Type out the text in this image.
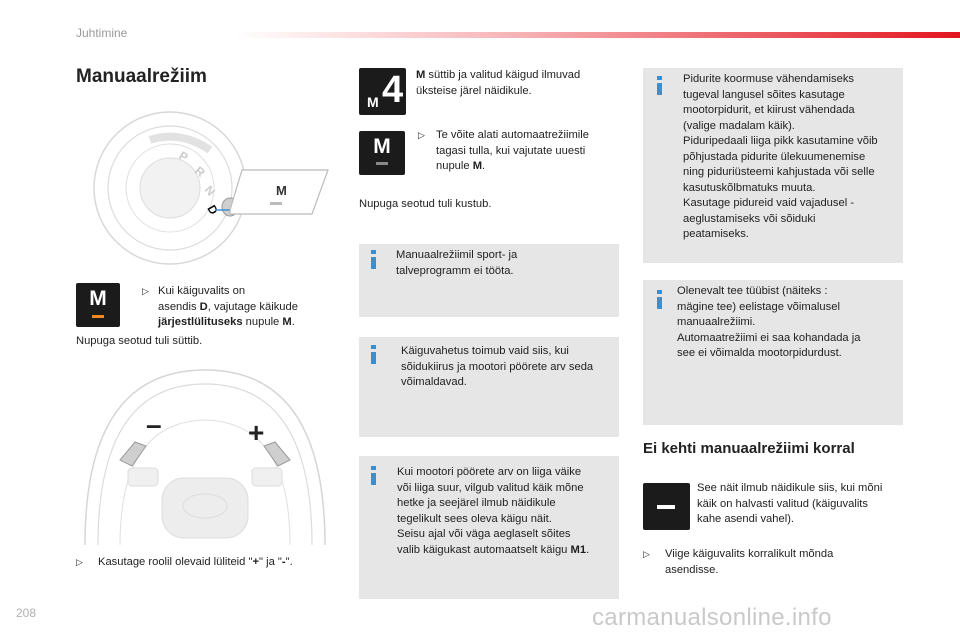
Juhtimine
Manuaalrežiim
P
R
N
D
M
M	▷ Kui käiguvalits on
asendis D, vajutage käikude
järjestlülituseks nupule M.
Nupuga seotud tuli süttib.
–	+
▷ Kasutage roolil olevaid lüliteid "+" ja "-".
M 4 M süttib ja valitud käigud ilmuvad
üksteise järel näidikule.
M	▷ Te võite alati automaatrežiimile
tagasi tulla, kui vajutate uuesti
nupule M.
Nupuga seotud tuli kustub.
Manuaalrežiimil sport- ja
talveprogramm ei tööta.
Käiguvahetus toimub vaid siis, kui
sõidukiirus ja mootori pöörete arv seda
võimaldavad.
Kui mootori pöörete arv on liiga väike
või liiga suur, vilgub valitud käik mõne
hetke ja seejärel ilmub näidikule
tegelikult sees oleva käigu näit.
Seisu ajal või väga aeglaselt sõites
valib käigukast automaatselt käigu M1.
Pidurite koormuse vähendamiseks
tugeval langusel sõites kasutage
mootorpidurit, et kiirust vähendada
(valige madalam käik).
Piduripedaali liiga pikk kasutamine võib
põhjustada pidurite ülekuumenemise
ning piduriüsteemi kahjustada või selle
kasutuskõlbmatuks muuta.
Kasutage pidureid vaid vajadusel -
aeglustamiseks või sõiduki
peatamiseks.
Olenevalt tee tüübist (näiteks :
mägine tee) eelistage võimalusel
manuaalrežiimi.
Automaatrežiimi ei saa kohandada ja
see ei võimalda mootorpidurdust.
Ei kehti manuaalrežiimi korral
See näit ilmub näidikule siis, kui mõni
käik on halvasti valitud (käiguvalits
kahe asendi vahel).
▷ Viige käiguvalits korralikult mõnda
asendisse.
208	carmanualsonline.info
